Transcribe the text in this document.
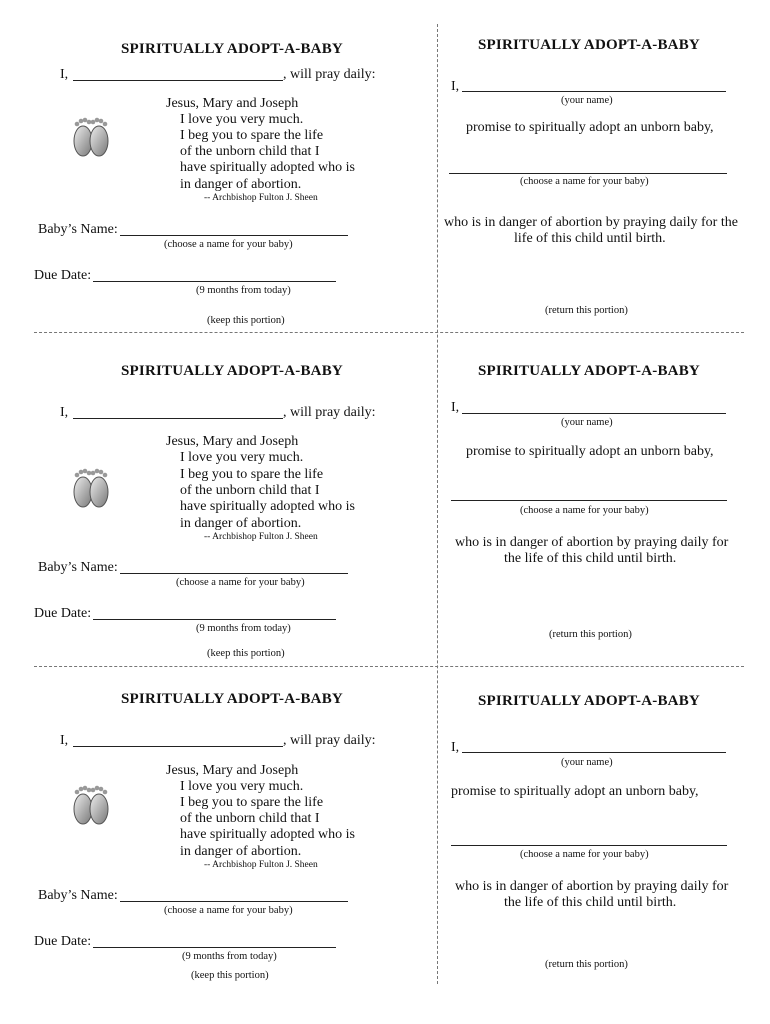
SPIRITUALLY ADOPT-A-BABY
I,	, will pray daily:
Jesus, Mary and Joseph
I love you very much.
I beg you to spare the life
of the unborn child that I
have spiritually adopted who is
in danger of abortion.
-- Archbishop Fulton J. Sheen
Baby’s Name:
(choose a name for your baby)
Due Date:
(9 months from today)
(keep this portion)
SPIRITUALLY ADOPT-A-BABY
I,
(your name)
promise to spiritually adopt an unborn baby,
(choose a name for your baby)
who is in danger of abortion by praying daily for the
life of this child until birth.
(return this portion)
SPIRITUALLY ADOPT-A-BABY
I,	, will pray daily:
Jesus, Mary and Joseph
I love you very much.
I beg you to spare the life
of the unborn child that I
have spiritually adopted who is
in danger of abortion.
-- Archbishop Fulton J. Sheen
Baby’s Name:
(choose a name for your baby)
Due Date:
(9 months from today)
(keep this portion)
SPIRITUALLY ADOPT-A-BABY
I,
(your name)
promise to spiritually adopt an unborn baby,
(choose a name for your baby)
who is in danger of abortion by praying daily for
the life of this child until birth.
(return this portion)
SPIRITUALLY ADOPT-A-BABY
I,	, will pray daily:
Jesus, Mary and Joseph
I love you very much.
I beg you to spare the life
of the unborn child that I
have spiritually adopted who is
in danger of abortion.
-- Archbishop Fulton J. Sheen
Baby’s Name:
(choose a name for your baby)
Due Date:
(9 months from today)
(keep this portion)
SPIRITUALLY ADOPT-A-BABY
I,
(your name)
promise to spiritually adopt an unborn baby,
(choose a name for your baby)
who is in danger of abortion by praying daily for
the life of this child until birth.
(return this portion)
